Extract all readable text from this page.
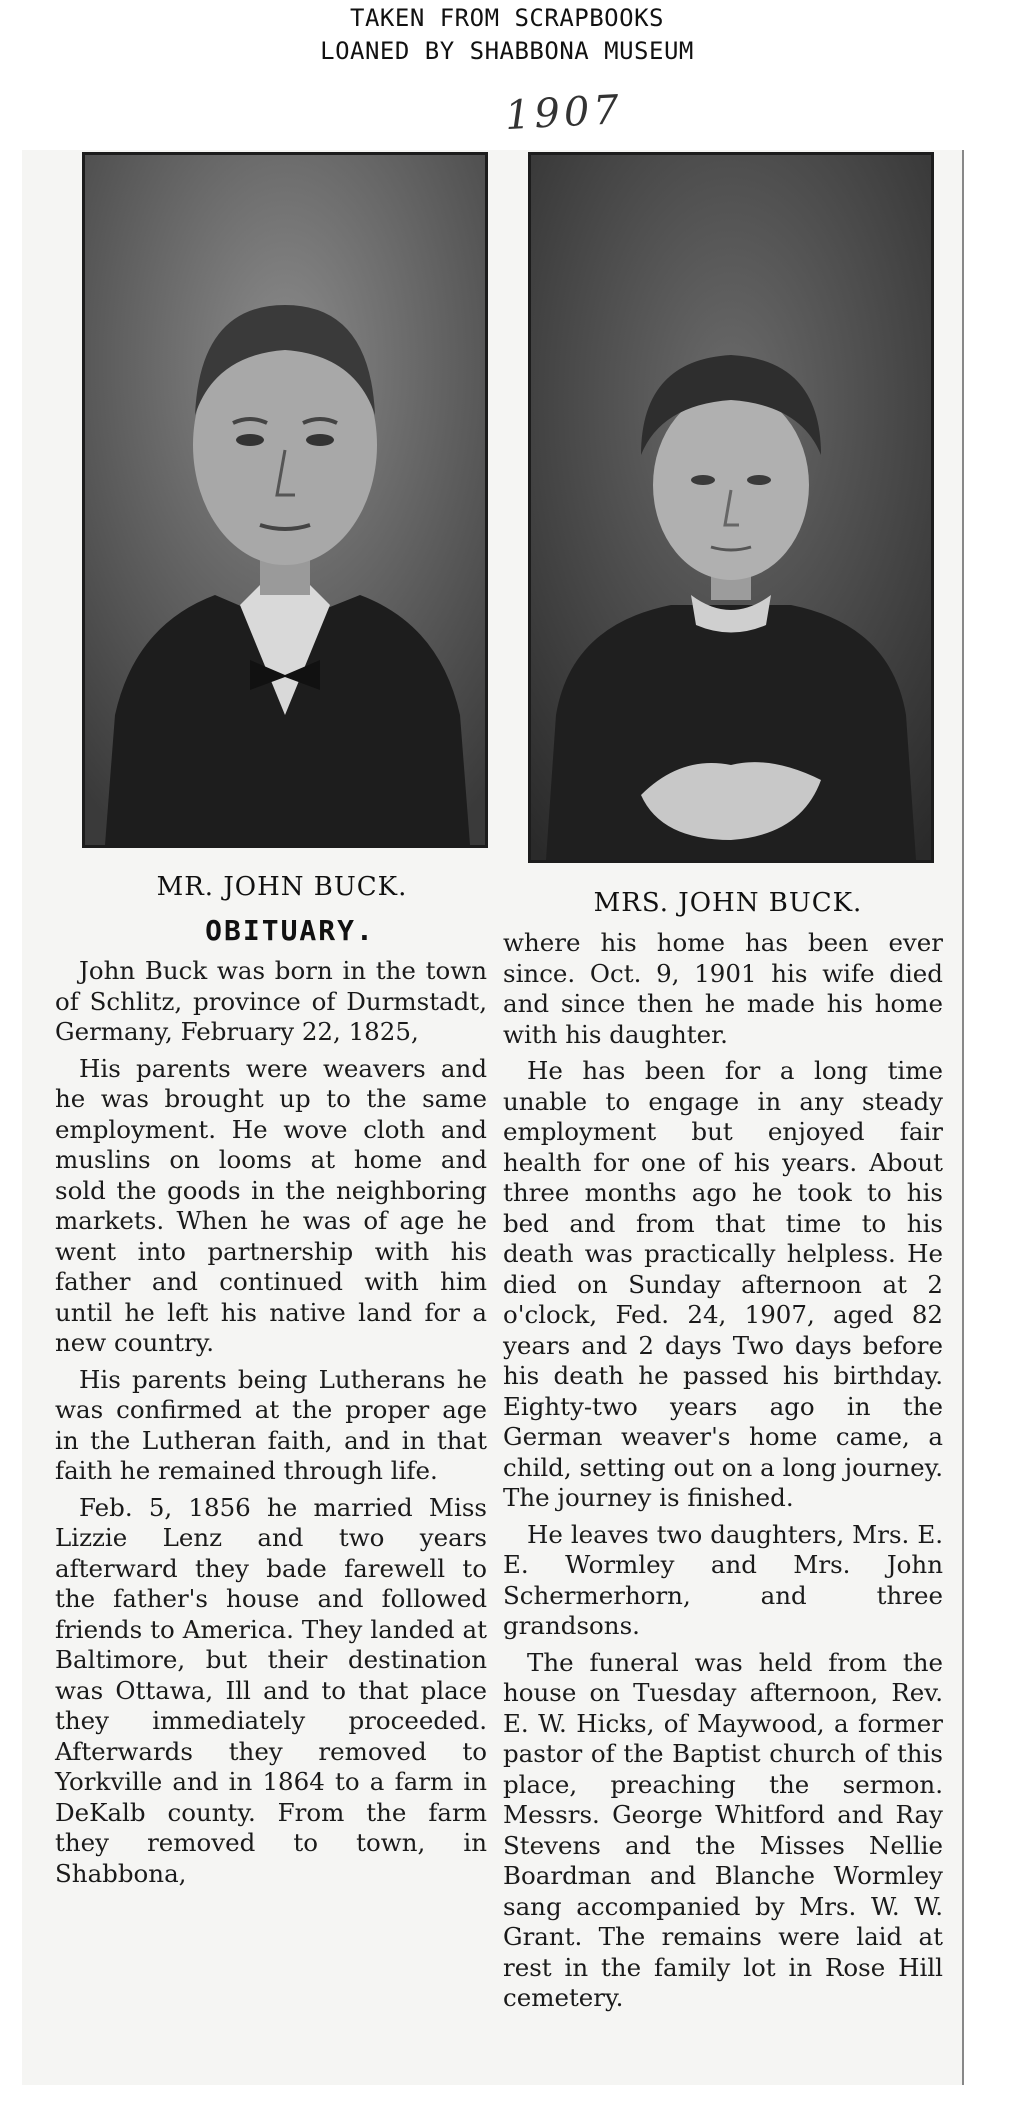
TAKEN FROM SCRAPBOOKS
LOANED BY SHABBONA MUSEUM
1907
MR. JOHN BUCK.
MRS. JOHN BUCK.
OBITUARY.

John Buck was born in the town of Schlitz, province of Durmstadt, Germany, February 22, 1825,

His parents were weavers and he was brought up to the same employment. He wove cloth and muslins on looms at home and sold the goods in the neighboring markets. When he was of age he went into partnership with his father and continued with him until he left his native land for a new country.

His parents being Lutherans he was confirmed at the proper age in the Lutheran faith, and in that faith he remained through life.

Feb. 5, 1856 he married Miss Lizzie Lenz and two years afterward they bade farewell to the father's house and followed friends to America. They landed at Baltimore, but their destination was Ottawa, Ill and to that place they immediately proceeded. Afterwards they removed to Yorkville and in 1864 to a farm in DeKalb county. From the farm they removed to town, in Shabbona,

where his home has been ever since. Oct. 9, 1901 his wife died and since then he made his home with his daughter.

He has been for a long time unable to engage in any steady employment but enjoyed fair health for one of his years. About three months ago he took to his bed and from that time to his death was practically helpless. He died on Sunday afternoon at 2 o'clock, Fed. 24, 1907, aged 82 years and 2 days Two days before his death he passed his birthday. Eighty-two years ago in the German weaver's home came, a child, setting out on a long journey. The journey is finished.

He leaves two daughters, Mrs. E. E. Wormley and Mrs. John Schermerhorn, and three grandsons.

The funeral was held from the house on Tuesday afternoon, Rev. E. W. Hicks, of Maywood, a former pastor of the Baptist church of this place, preaching the sermon. Messrs. George Whitford and Ray Stevens and the Misses Nellie Boardman and Blanche Wormley sang accompanied by Mrs. W. W. Grant. The remains were laid at rest in the family lot in Rose Hill cemetery.
